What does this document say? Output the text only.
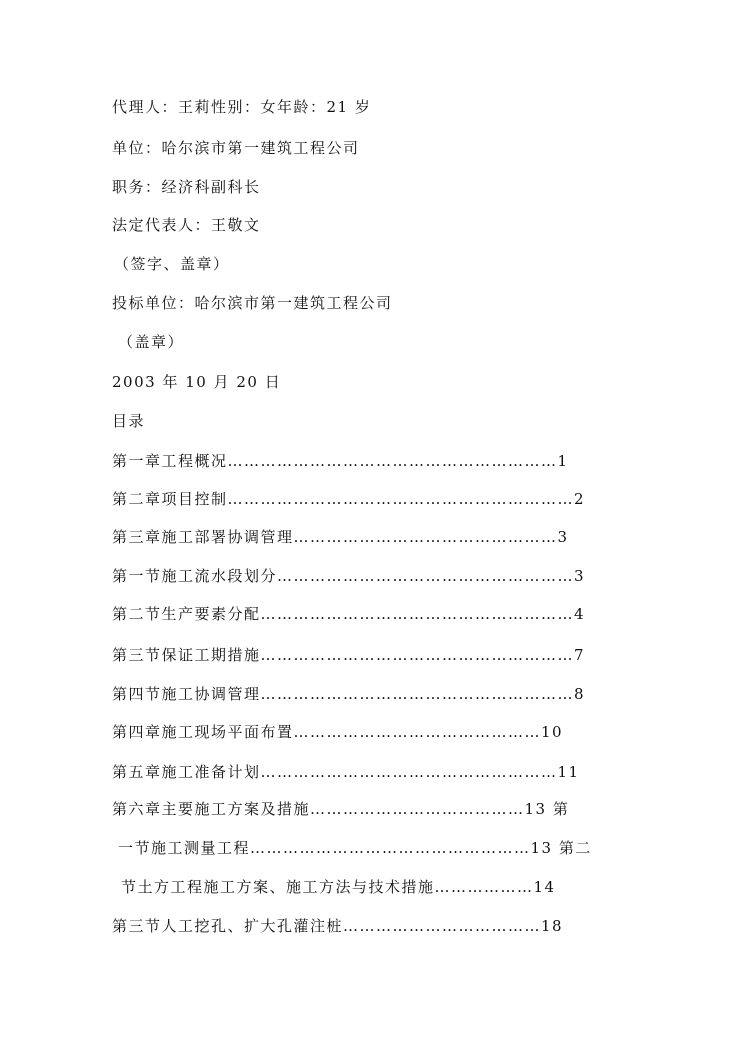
代理人：王莉性别：女年龄：21 岁
单位：哈尔滨市第一建筑工程公司
职务：经济科副科长
法定代表人：王敬文
（签字、盖章）
投标单位：哈尔滨市第一建筑工程公司
（盖章）
2003 年 10 月 20 日
目录
第一章工程概况……………………………………………………1
第二章项目控制………………………………………………………2
第三章施工部署协调管理…………………………………………3
第一节施工流水段划分………………………………………………3
第二节生产要素分配…………………………………………………4
第三节保证工期措施…………………………………………………7
第四节施工协调管理…………………………………………………8
第四章施工现场平面布置………………………………………10
第五章施工准备计划………………………………………………11
第六章主要施工方案及措施…………………………………13 第
一节施工测量工程……………………………………………13 第二
节土方工程施工方案、施工方法与技术措施………………14
第三节人工挖孔、扩大孔灌注桩………………………………18
